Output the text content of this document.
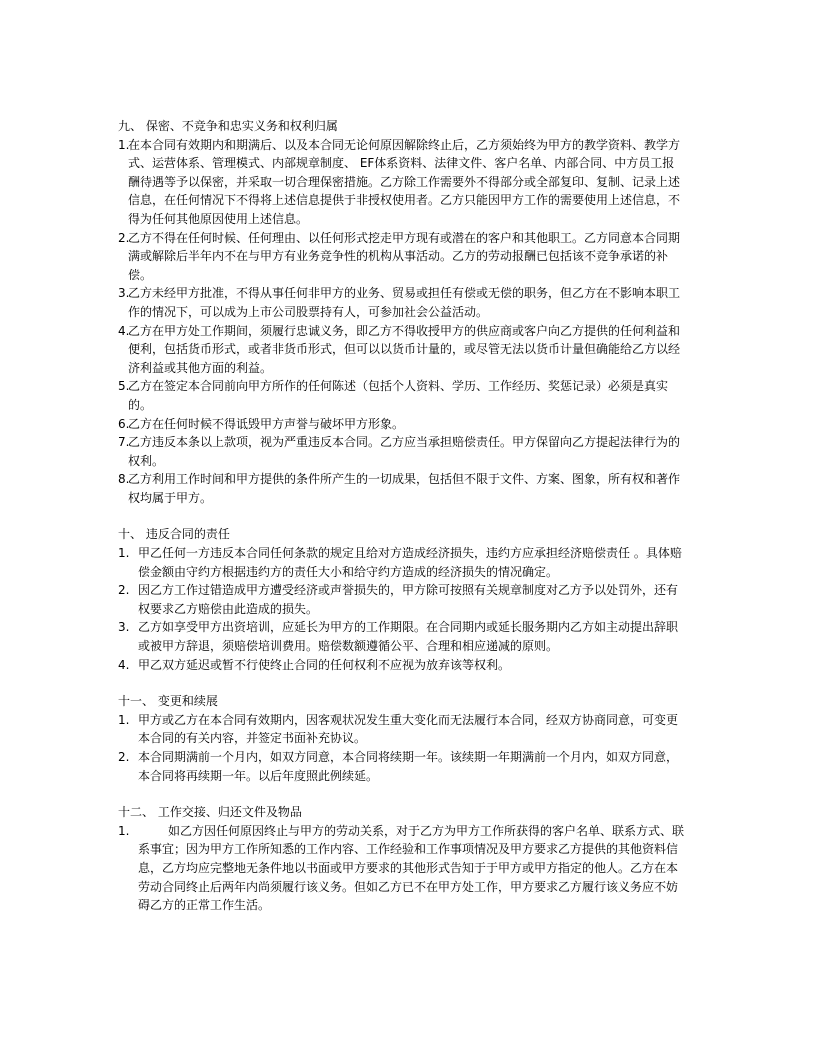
九、 保密、不竞争和忠实义务和权利归属

1.
在本合同有效期内和期满后、以及本合同无论何原因解除终止后，乙方须始终为甲方的教学资料、教学方式、运营体系、管理模式、内部规章制度、 EF体系资料、法律文件、客户名单、内部合同、中方员工报酬待遇等予以保密，并采取一切合理保密措施。乙方除工作需要外不得部分或全部复印、复制、记录上述信息，在任何情况下不得将上述信息提供于非授权使用者。乙方只能因甲方工作的需要使用上述信息，不得为任何其他原因使用上述信息。
2.
乙方不得在任何时候、任何理由、以任何形式挖走甲方现有或潜在的客户和其他职工。乙方同意本合同期满或解除后半年内不在与甲方有业务竞争性的机构从事活动。乙方的劳动报酬已包括该不竞争承诺的补偿。
3.
乙方未经甲方批准，不得从事任何非甲方的业务、贸易或担任有偿或无偿的职务，但乙方在不影响本职工作的情况下，可以成为上市公司股票持有人，可参加社会公益活动。
4.
乙方在甲方处工作期间，须履行忠诚义务，即乙方不得收授甲方的供应商或客户向乙方提供的任何利益和便利，包括货币形式，或者非货币形式，但可以以货币计量的，或尽管无法以货币计量但确能给乙方以经济利益或其他方面的利益。
5.
乙方在签定本合同前向甲方所作的任何陈述（包括个人资料、学历、工作经历、奖惩记录）必须是真实的。
6.
乙方在任何时候不得诋毁甲方声誉与破坏甲方形象。
7.
乙方违反本条以上款项，视为严重违反本合同。乙方应当承担赔偿责任。甲方保留向乙方提起法律行为的权利。
8.
乙方利用工作时间和甲方提供的条件所产生的一切成果，包括但不限于文件、方案、图象，所有权和著作权均属于甲方。

十、 违反合同的责任

1. 甲乙任何一方违反本合同任何条款的规定且给对方造成经济损失，违约方应承担经济赔偿责任 。具体赔偿金额由守约方根据违约方的责任大小和给守约方造成的经济损失的情况确定。
2. 因乙方工作过错造成甲方遭受经济或声誉损失的，甲方除可按照有关规章制度对乙方予以处罚外，还有权要求乙方赔偿由此造成的损失。
3. 乙方如享受甲方出资培训，应延长为甲方的工作期限。在合同期内或延长服务期内乙方如主动提出辞职或被甲方辞退，须赔偿培训费用。赔偿数额遵循公平、合理和相应递减的原则。
4. 甲乙双方延迟或暂不行使终止合同的任何权利不应视为放弃该等权利。

十一、 变更和续展

1. 甲方或乙方在本合同有效期内，因客观状况发生重大变化而无法履行本合同，经双方协商同意，可变更本合同的有关内容，并签定书面补充协议。
2. 本合同期满前一个月内，如双方同意，本合同将续期一年。该续期一年期满前一个月内，如双方同意，本合同将再续期一年。以后年度照此例续延。

十二、 工作交接、归还文件及物品

1.	如乙方因任何原因终止与甲方的劳动关系，对于乙方为甲方工作所获得的客户名单、联系方式、联系事宜；因为甲方工作所知悉的工作内容、工作经验和工作事项情况及甲方要求乙方提供的其他资料信息，乙方均应完整地无条件地以书面或甲方要求的其他形式告知于于甲方或甲方指定的他人。乙方在本劳动合同终止后两年内尚须履行该义务。但如乙方已不在甲方处工作，甲方要求乙方履行该义务应不妨碍乙方的正常工作生活。
